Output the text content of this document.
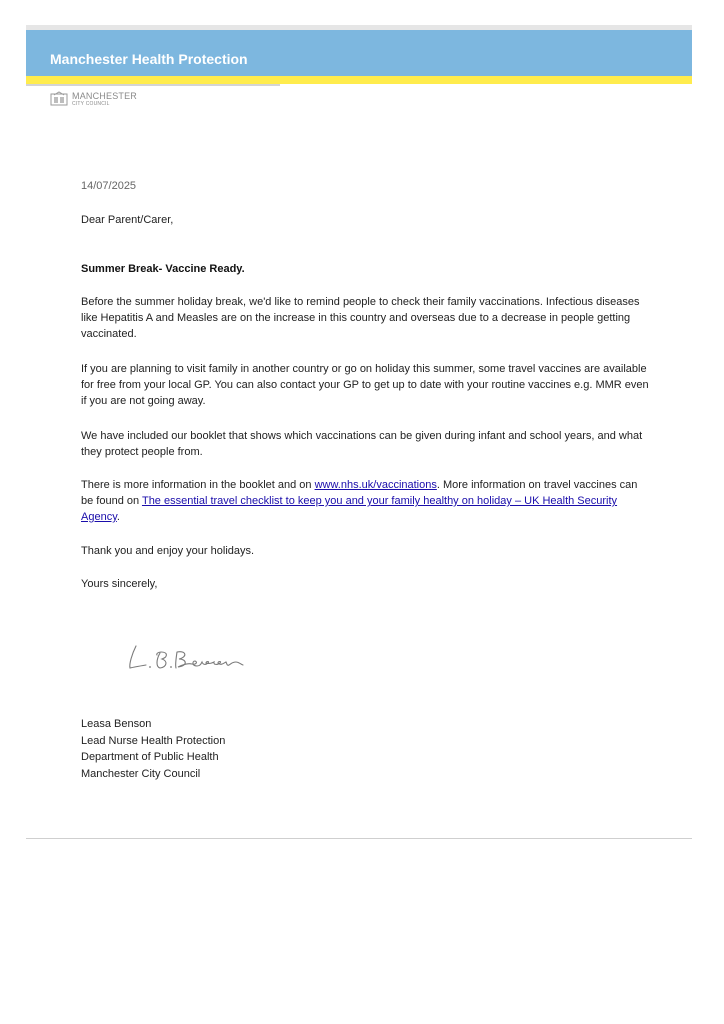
Manchester Health Protection
MANCHESTER
CITY COUNCIL
14/07/2025
Dear Parent/Carer,
Summer Break- Vaccine Ready.

Before the summer holiday break, we'd like to remind people to check their family vaccinations. Infectious diseases like Hepatitis A and Measles are on the increase in this country and overseas due to a decrease in people getting vaccinated.

If you are planning to visit family in another country or go on holiday this summer, some travel vaccines are available for free from your local GP. You can also contact your GP to get up to date with your routine vaccines e.g. MMR even if you are not going away.

We have included our booklet that shows which vaccinations can be given during infant and school years, and what they protect people from.

There is more information in the booklet and on www.nhs.uk/vaccinations. More information on travel vaccines can be found on The essential travel checklist to keep you and your family healthy on holiday – UK Health Security Agency.

Thank you and enjoy your holidays.
Yours sincerely,
Leasa Benson
Lead Nurse Health Protection
Department of Public Health
Manchester City Council
